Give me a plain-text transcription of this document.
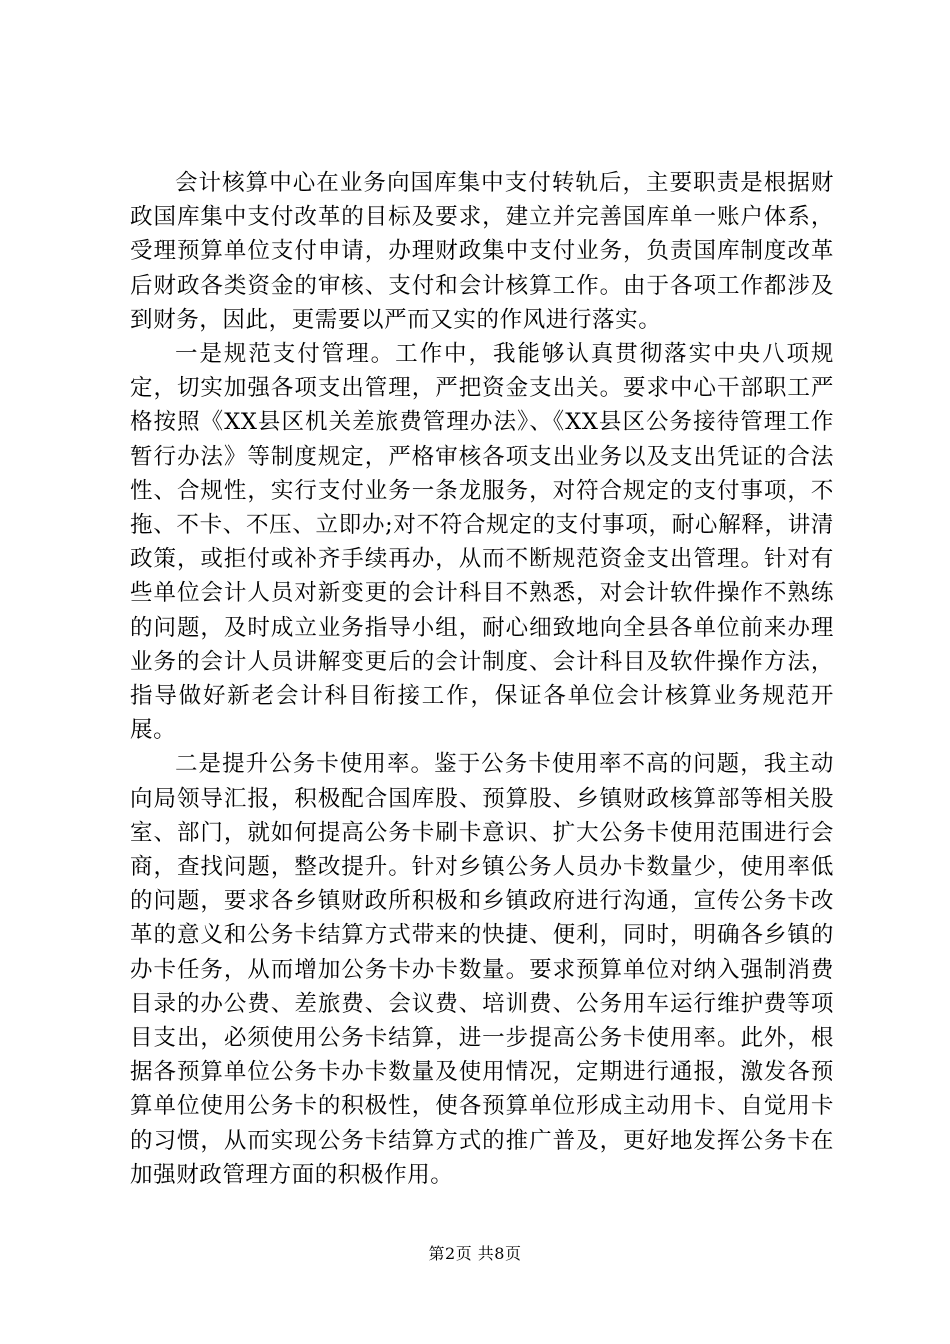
会计核算中心在业务向国库集中支付转轨后，主要职责是根据财政国库集中支付改革的目标及要求，建立并完善国库单一账户体系，受理预算单位支付申请，办理财政集中支付业务，负责国库制度改革后财政各类资金的审核、支付和会计核算工作。由于各项工作都涉及到财务，因此，更需要以严而又实的作风进行落实。

一是规范支付管理。工作中，我能够认真贯彻落实中央八项规定，切实加强各项支出管理，严把资金支出关。要求中心干部职工严格按照《XX县区机关差旅费管理办法》、《XX县区公务接待管理工作暂行办法》等制度规定，严格审核各项支出业务以及支出凭证的合法性、合规性，实行支付业务一条龙服务，对符合规定的支付事项，不拖、不卡、不压、立即办;对不符合规定的支付事项，耐心解释，讲清政策，或拒付或补齐手续再办，从而不断规范资金支出管理。针对有些单位会计人员对新变更的会计科目不熟悉，对会计软件操作不熟练的问题，及时成立业务指导小组，耐心细致地向全县各单位前来办理业务的会计人员讲解变更后的会计制度、会计科目及软件操作方法，指导做好新老会计科目衔接工作，保证各单位会计核算业务规范开展。

二是提升公务卡使用率。鉴于公务卡使用率不高的问题，我主动向局领导汇报，积极配合国库股、预算股、乡镇财政核算部等相关股室、部门，就如何提高公务卡刷卡意识、扩大公务卡使用范围进行会商，查找问题，整改提升。针对乡镇公务人员办卡数量少，使用率低的问题，要求各乡镇财政所积极和乡镇政府进行沟通，宣传公务卡改革的意义和公务卡结算方式带来的快捷、便利，同时，明确各乡镇的办卡任务，从而增加公务卡办卡数量。要求预算单位对纳入强制消费目录的办公费、差旅费、会议费、培训费、公务用车运行维护费等项目支出，必须使用公务卡结算，进一步提高公务卡使用率。此外，根据各预算单位公务卡办卡数量及使用情况，定期进行通报，激发各预算单位使用公务卡的积极性，使各预算单位形成主动用卡、自觉用卡的习惯，从而实现公务卡结算方式的推广普及，更好地发挥公务卡在加强财政管理方面的积极作用。

第2页 共8页
